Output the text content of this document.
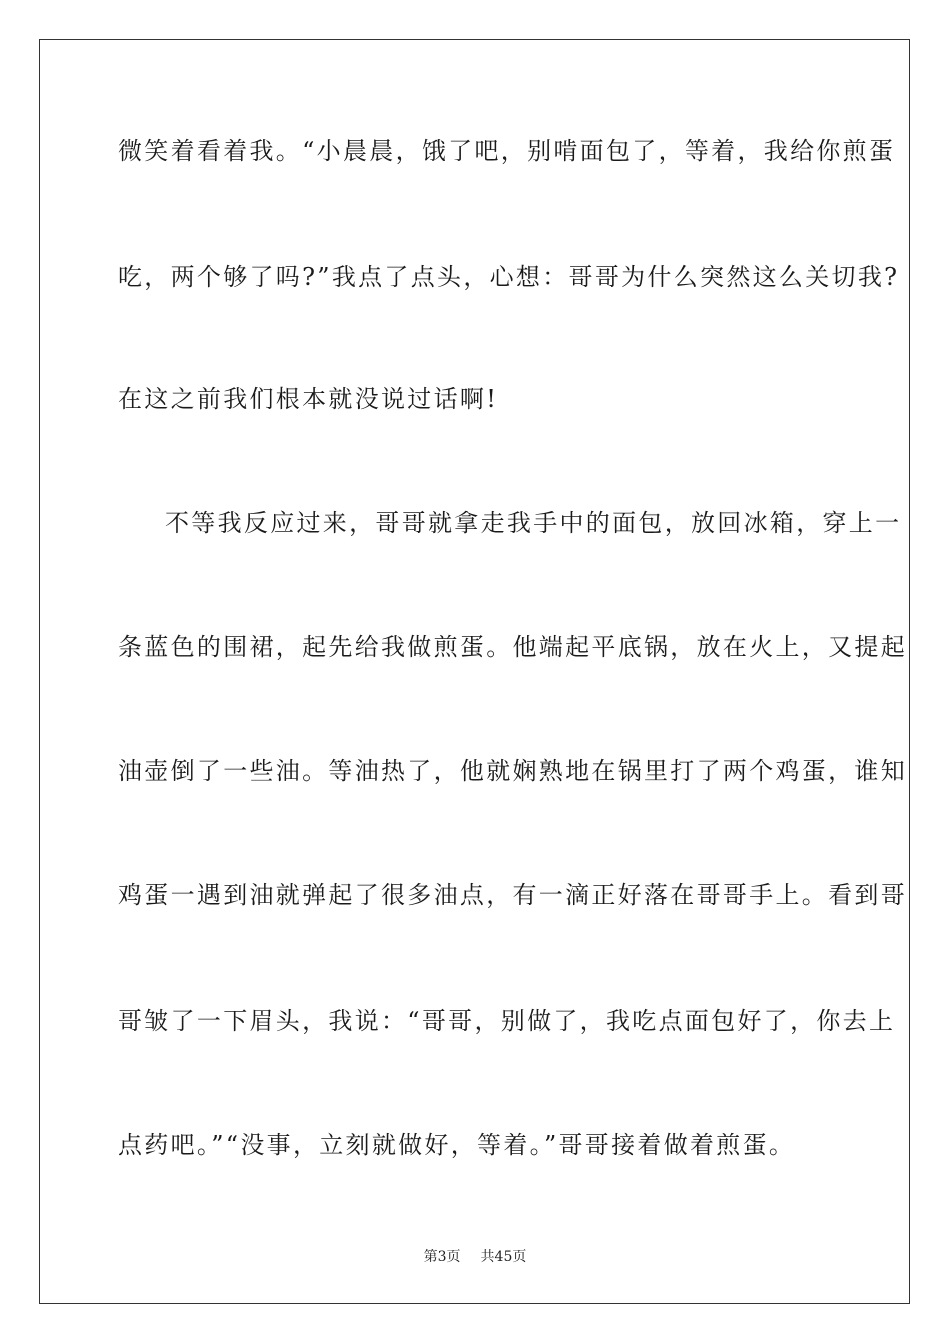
微笑着看着我。“小晨晨，饿了吧，别啃面包了，等着，我给你煎蛋
吃，两个够了吗?”我点了点头，心想：哥哥为什么突然这么关切我?
在这之前我们根本就没说过话啊!
不等我反应过来，哥哥就拿走我手中的面包，放回冰箱，穿上一
条蓝色的围裙，起先给我做煎蛋。他端起平底锅，放在火上，又提起
油壶倒了一些油。等油热了，他就娴熟地在锅里打了两个鸡蛋，谁知
鸡蛋一遇到油就弹起了很多油点，有一滴正好落在哥哥手上。看到哥
哥皱了一下眉头，我说：“哥哥，别做了，我吃点面包好了，你去上
点药吧。”“没事，立刻就做好，等着。”哥哥接着做着煎蛋。
第3页 共45页
